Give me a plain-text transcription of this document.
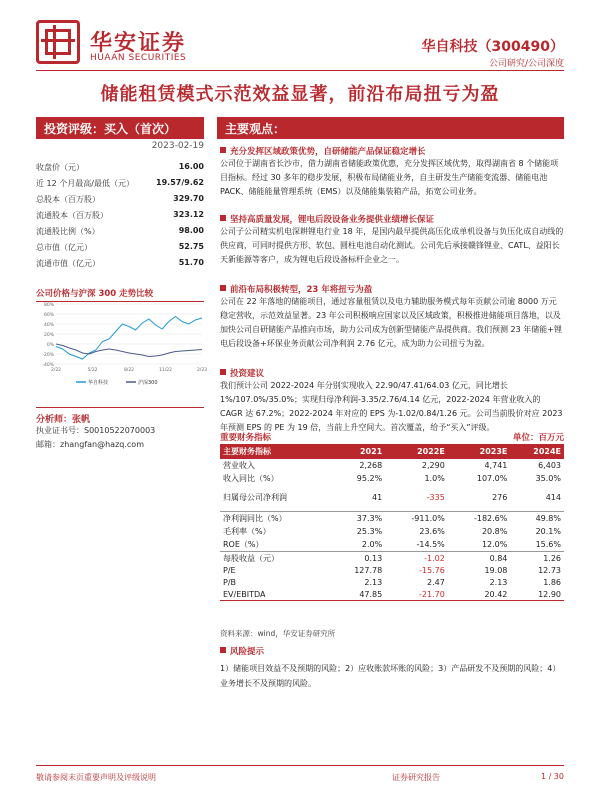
华安证券
HUAAN SECURITIES
华自科技（300490）
公司研究/公司深度
储能租赁模式示范效益显著，前沿布局扭亏为盈
投资评级：买入（首次）
2023-02-19
收盘价（元）	16.00
近 12 个月最高/最低（元）	19.57/9.62
总股本（百万股）	329.70
流通股本（百万股）	323.12
流通股比例（%）	98.00
总市值（亿元）	52.75
流通市值（亿元）	51.70
公司价格与沪深 300 走势比较
80%
60%
40%
20%
0%
-20%
-40%
2/22	5/22	8/22	11/22	2/23
华自科技	沪深300
分析师：张帆
执业证书号：S0010522070003
邮箱：zhangfan@hazq.com
主要观点：
充分发挥区域政策优势，自研储能产品保证稳定增长
公司位于湖南省长沙市，借力湖南省储能政策优惠，充分发挥区域优势，取得湖南省 8 个储能项目指标。经过 30 多年的稳步发展，积极布局储能业务，自主研发生产储能变流器、储能电池 PACK、储能能量管理系统（EMS）以及储能集装箱产品，拓宽公司业务。
坚持高质量发展，锂电后段设备业务提供业绩增长保证
公司子公司精实机电深耕锂电行业 18 年，是国内最早提供高压化成单机设备与负压化成自动线的供应商，可同时提供方形、软包、圆柱电池自动化测试。公司先后承接赣锋锂业、CATL、益阳长天新能源等客户，成为锂电后段设备标杆企业之一。
前沿布局积极转型，23 年将扭亏为盈
公司在 22 年落地的储能项目，通过容量租赁以及电力辅助服务模式每年贡献公司逾 8000 万元稳定营收，示范效益显著。23 年公司积极响应国家以及区域政策，积极推进储能项目落地，以及加快公司自研储能产品推向市场，助力公司成为创新型储能产品提供商。我们预测 23 年储能+锂电后段设备+环保业务贡献公司净利润 2.76 亿元，成为助力公司扭亏为盈。
投资建议
我们预计公司 2022-2024 年分别实现收入 22.90/47.41/64.03 亿元，同比增长 1%/107.0%/35.0%；实现归母净利润-3.35/2.76/4.14 亿元，2022-2024 年营业收入的 CAGR 达 67.2%；2022-2024 年对应的 EPS 为-1.02/0.84/1.26 元。公司当前股价对应 2023 年预测 EPS 的 PE 为 19 倍，当前上升空间大。首次覆盖，给予“买入”评级。
重要财务指标	单位：百万元
主要财务指标	2021	2022E	2023E	2024E
营业收入	2,268	2,290	4,741	6,403
收入同比（%）	95.2%	1.0%	107.0%	35.0%
归属母公司净利润	41	-335	276	414
净利润同比（%）	37.3%	-911.0%	-182.6%	49.8%
毛利率（%）	25.3%	23.6%	20.8%	20.1%
ROE（%）	2.0%	-14.5%	12.0%	15.6%
每股收益（元）	0.13	-1.02	0.84	1.26
P/E	127.78	-15.76	19.08	12.73
P/B	2.13	2.47	2.13	1.86
EV/EBITDA	47.85	-21.70	20.42	12.90
资料来源：wind，华安证券研究所
风险提示
1）储能项目效益不及预期的风险；2）应收账款坏账的风险；3）产品研发不及预期的风险；4）业务增长不及预期的风险。
敬请参阅末页重要声明及评级说明	证券研究报告	1 / 30
